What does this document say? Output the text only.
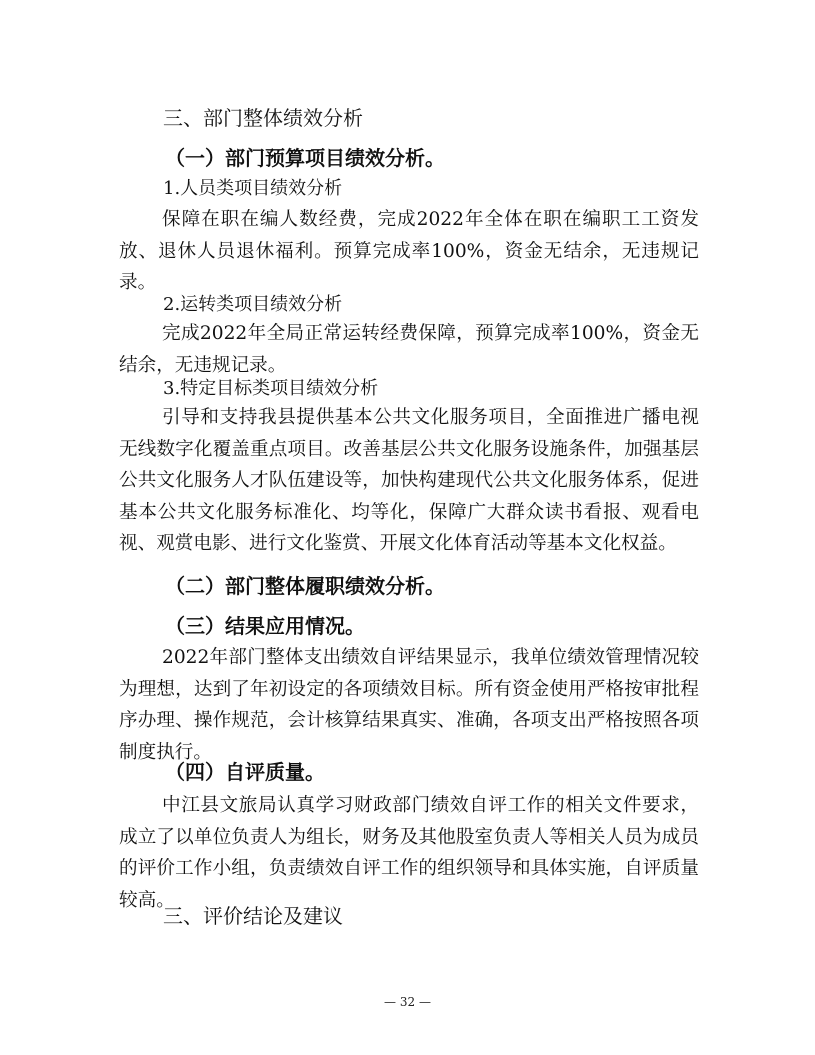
三、部门整体绩效分析
（一）部门预算项目绩效分析。
1.人员类项目绩效分析

保障在职在编人数经费，完成2022年全体在职在编职工工资发放、退休人员退休福利。预算完成率100%，资金无结余，无违规记录。

2.运转类项目绩效分析

完成2022年全局正常运转经费保障，预算完成率100%，资金无结余，无违规记录。

3.特定目标类项目绩效分析

引导和支持我县提供基本公共文化服务项目，全面推进广播电视无线数字化覆盖重点项目。改善基层公共文化服务设施条件，加强基层公共文化服务人才队伍建设等，加快构建现代公共文化服务体系，促进基本公共文化服务标准化、均等化，保障广大群众读书看报、观看电视、观赏电影、进行文化鉴赏、开展文化体育活动等基本文化权益。

（二）部门整体履职绩效分析。
（三）结果应用情况。

2022年部门整体支出绩效自评结果显示，我单位绩效管理情况较为理想，达到了年初设定的各项绩效目标。所有资金使用严格按审批程序办理、操作规范，会计核算结果真实、准确，各项支出严格按照各项制度执行。

（四）自评质量。

中江县文旅局认真学习财政部门绩效自评工作的相关文件要求，成立了以单位负责人为组长，财务及其他股室负责人等相关人员为成员的评价工作小组，负责绩效自评工作的组织领导和具体实施，自评质量较高。

三、评价结论及建议
— 32 —
